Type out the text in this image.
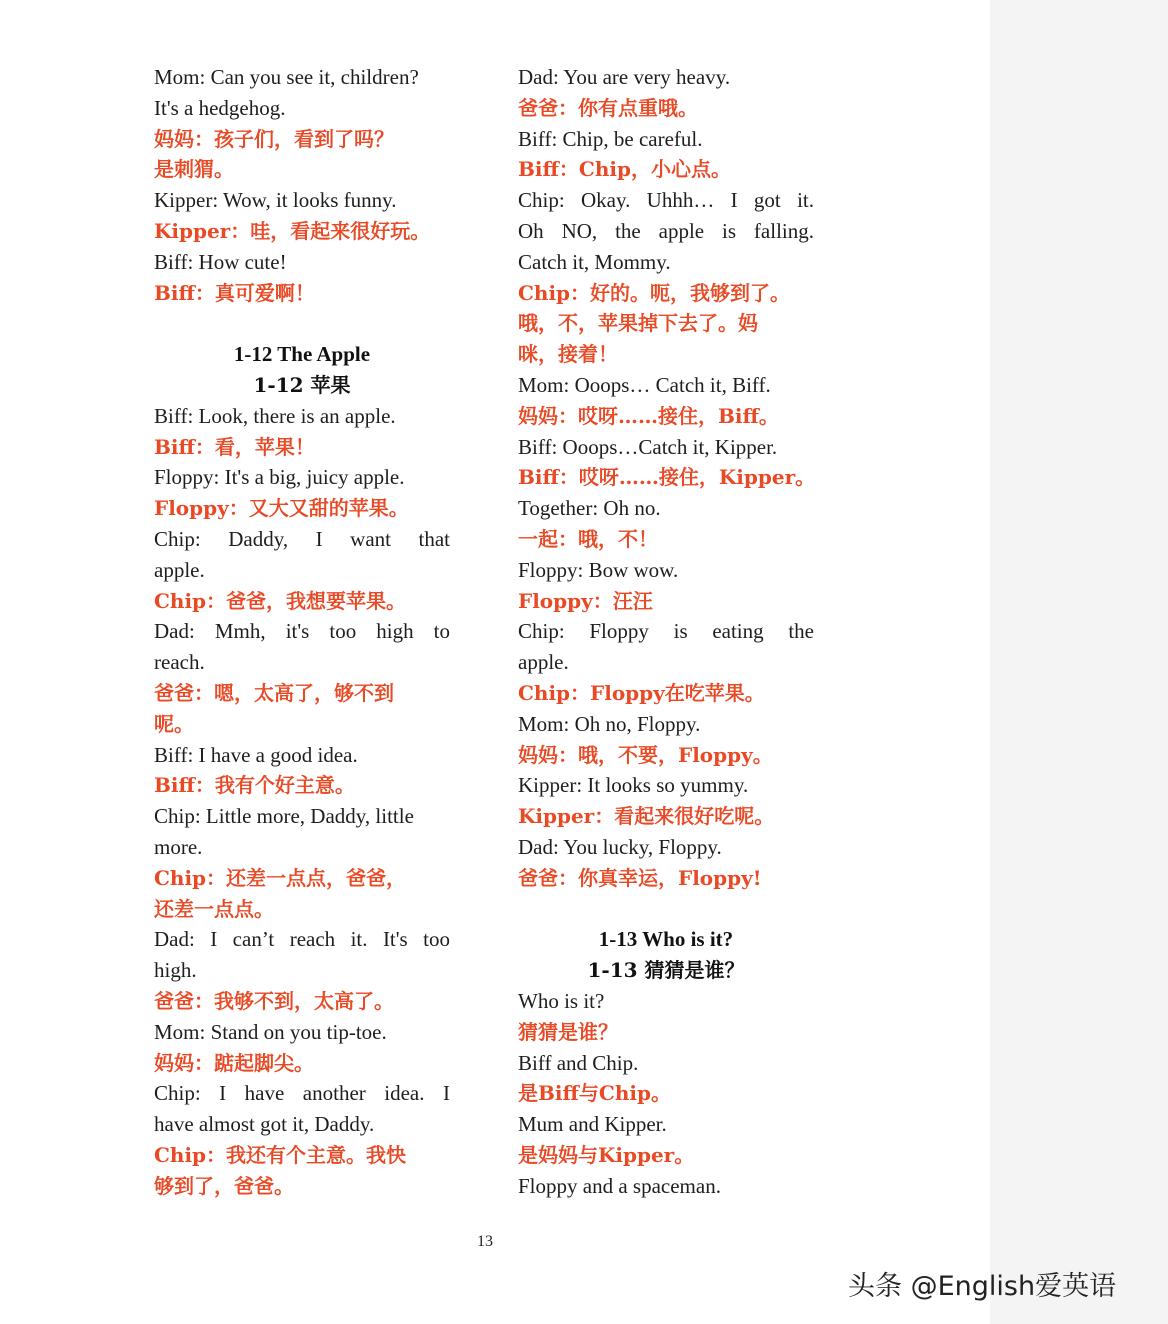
Mom: Can you see it, children?
It's a hedgehog.
妈妈：孩子们，看到了吗？
是刺猬。
Kipper: Wow, it looks funny.
Kipper：哇，看起来很好玩。
Biff: How cute!
Biff：真可爱啊！
1-12 The Apple
1-12 苹果
Biff: Look, there is an apple.
Biff：看，苹果！
Floppy: It's a big, juicy apple.
Floppy：又大又甜的苹果。
Chip: Daddy, I want that
apple.
Chip：爸爸，我想要苹果。
Dad: Mmh, it's too high to
reach.
爸爸：嗯，太高了，够不到
呢。
Biff: I have a good idea.
Biff：我有个好主意。
Chip: Little more, Daddy, little
more.
Chip：还差一点点，爸爸，
还差一点点。
Dad: I can’t reach it. It's too
high.
爸爸：我够不到，太高了。
Mom: Stand on you tip-toe.
妈妈：踮起脚尖。
Chip: I have another idea. I
have almost got it, Daddy.
Chip：我还有个主意。我快
够到了，爸爸。
Dad: You are very heavy.
爸爸：你有点重哦。
Biff: Chip, be careful.
Biff：Chip，小心点。
Chip: Okay. Uhhh… I got it.
Oh NO, the apple is falling.
Catch it, Mommy.
Chip：好的。呃，我够到了。
哦，不，苹果掉下去了。妈
咪，接着！
Mom: Ooops… Catch it, Biff.
妈妈：哎呀……接住，Biff。
Biff: Ooops…Catch it, Kipper.
Biff：哎呀……接住，Kipper。
Together: Oh no.
一起：哦，不！
Floppy: Bow wow.
Floppy：汪汪
Chip: Floppy is eating the
apple.
Chip：Floppy在吃苹果。
Mom: Oh no, Floppy.
妈妈：哦，不要，Floppy。
Kipper: It looks so yummy.
Kipper：看起来很好吃呢。
Dad: You lucky, Floppy.
爸爸：你真幸运，Floppy!
1-13 Who is it?
1-13 猜猜是谁？
Who is it?
猜猜是谁？
Biff and Chip.
是Biff与Chip。
Mum and Kipper.
是妈妈与Kipper。
Floppy and a spaceman.
13
头条 @English爱英语
